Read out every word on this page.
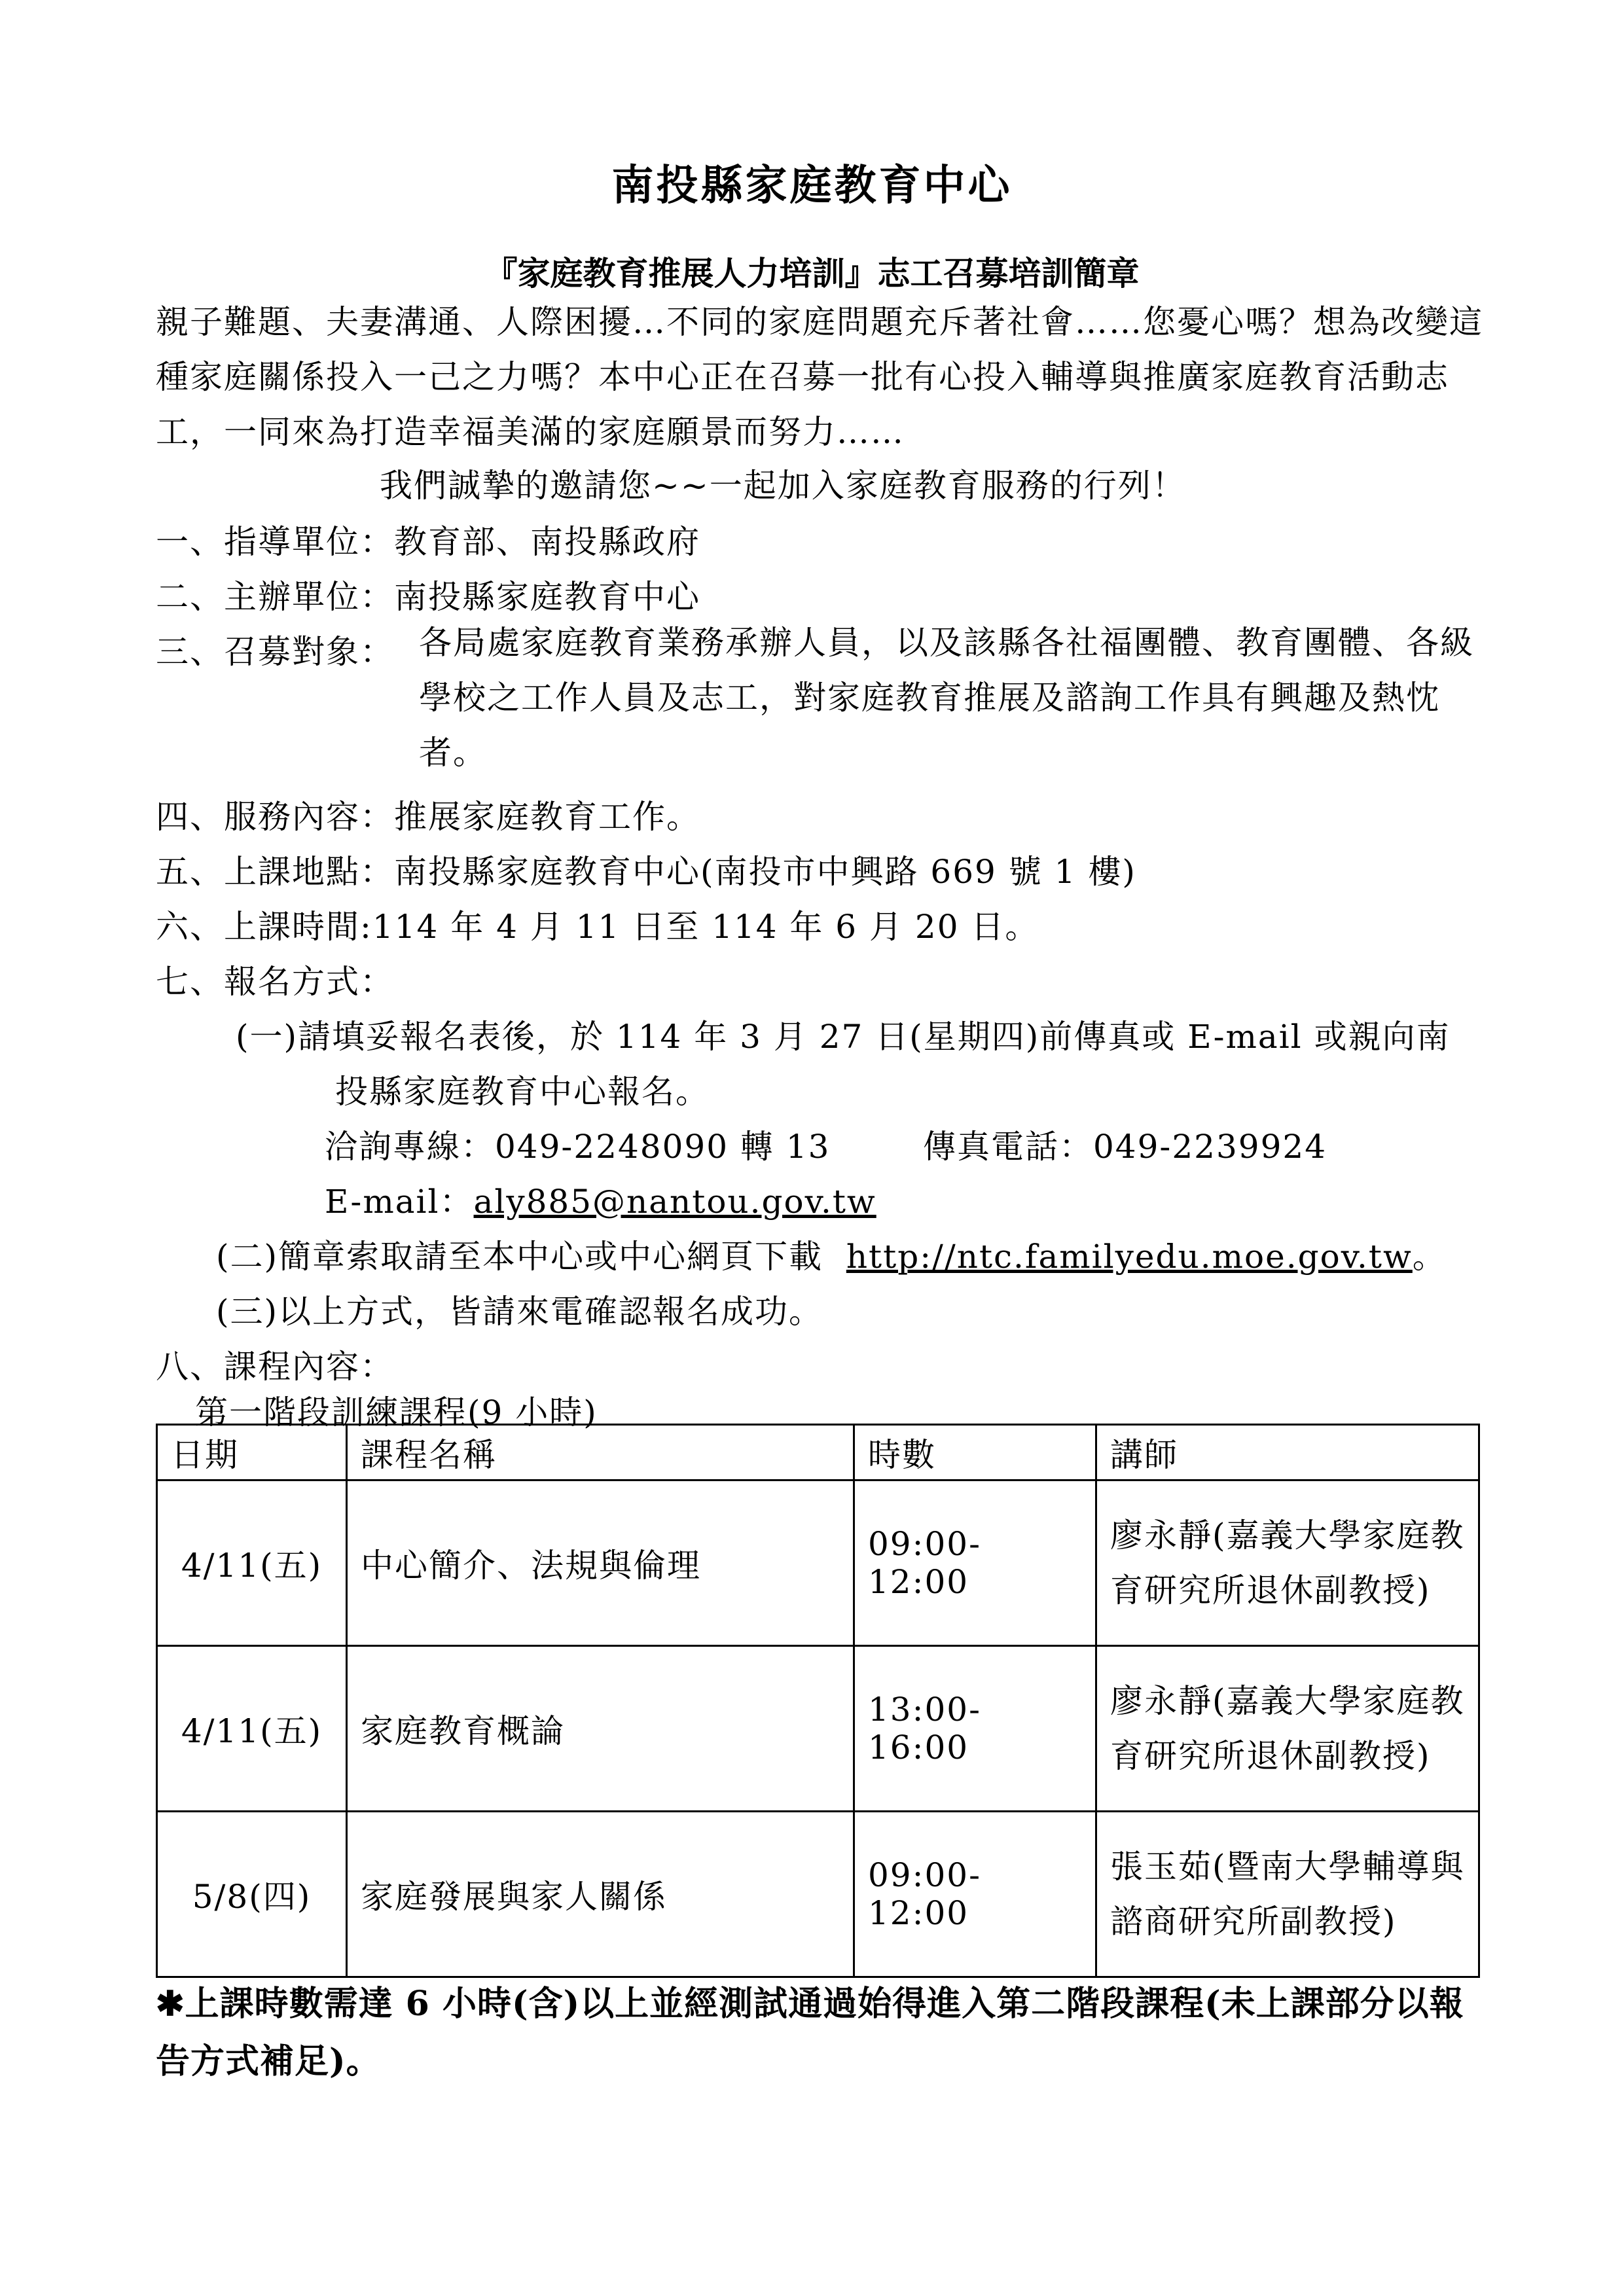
南投縣家庭教育中心
『家庭教育推展人力培訓』志工召募培訓簡章
親子難題、夫妻溝通、人際困擾…不同的家庭問題充斥著社會……您憂心嗎？想為改變這種家庭關係投入一己之力嗎？本中心正在召募一批有心投入輔導與推廣家庭教育活動志工，一同來為打造幸福美滿的家庭願景而努力……
我們誠摯的邀請您~~一起加入家庭教育服務的行列！
一、指導單位：教育部、南投縣政府
二、主辦單位：南投縣家庭教育中心
三、召募對象： 各局處家庭教育業務承辦人員，以及該縣各社福團體、教育團體、各級學校之工作人員及志工，對家庭教育推展及諮詢工作具有興趣及熱忱者。
四、服務內容：推展家庭教育工作。
五、上課地點：南投縣家庭教育中心(南投市中興路 669 號 1 樓)
六、上課時間:114 年 4 月 11 日至 114 年 6 月 20 日。
七、報名方式：
(一)請填妥報名表後，於 114 年 3 月 27 日(星期四)前傳真或 E-mail 或親向南
投縣家庭教育中心報名。
洽詢專線：049-2248090 轉 13	傳真電話：049-2239924
E-mail：aly885@nantou.gov.tw
(二)簡章索取請至本中心或中心網頁下載 http://ntc.familyedu.moe.gov.tw。
(三)以上方式，皆請來電確認報名成功。
八、課程內容：
第一階段訓練課程(9 小時)
日期	課程名稱	時數	講師
4/11(五)	中心簡介、法規與倫理	09:00-12:00	廖永靜(嘉義大學家庭教育研究所退休副教授)
4/11(五)	家庭教育概論	13:00-16:00	廖永靜(嘉義大學家庭教育研究所退休副教授)
5/8(四)	家庭發展與家人關係	09:00-12:00	張玉茹(暨南大學輔導與諮商研究所副教授)
✱上課時數需達 6 小時(含)以上並經測試通過始得進入第二階段課程(未上課部分以報告方式補足)。
